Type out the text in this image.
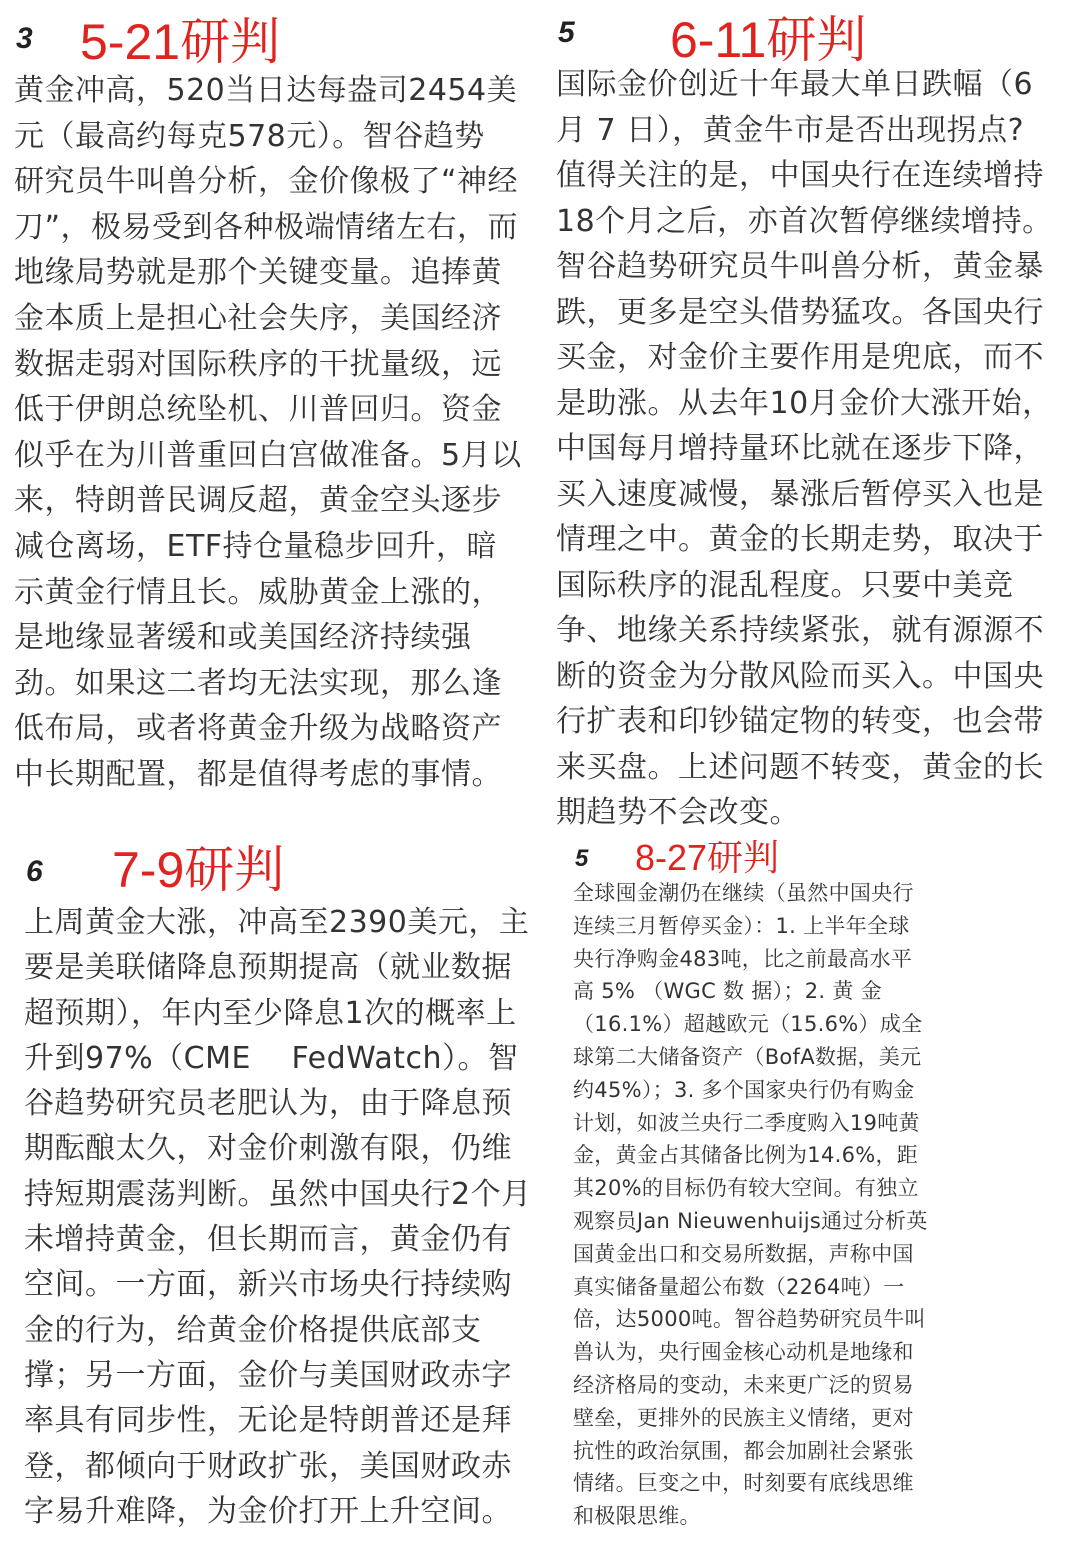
3 5-21研判
黄金冲高，520当日达每盎司2454美
元（最高约每克578元）。智谷趋势
研究员牛叫兽分析，金价像极了“神经
刀”，极易受到各种极端情绪左右，而
地缘局势就是那个关键变量。追捧黄
金本质上是担心社会失序，美国经济
数据走弱对国际秩序的干扰量级，远
低于伊朗总统坠机、川普回归。资金
似乎在为川普重回白宫做准备。5月以
来，特朗普民调反超，黄金空头逐步
减仓离场，ETF持仓量稳步回升，暗
示黄金行情且长。威胁黄金上涨的，
是地缘显著缓和或美国经济持续强
劲。如果这二者均无法实现，那么逢
低布局，或者将黄金升级为战略资产
中长期配置，都是值得考虑的事情。
5 6-11研判
国际金价创近十年最大单日跌幅（6
月 7 日），黄金牛市是否出现拐点?
值得关注的是，中国央行在连续增持
18个月之后，亦首次暂停继续增持。
智谷趋势研究员牛叫兽分析，黄金暴
跌，更多是空头借势猛攻。各国央行
买金，对金价主要作用是兜底，而不
是助涨。从去年10月金价大涨开始，
中国每月增持量环比就在逐步下降，
买入速度减慢，暴涨后暂停买入也是
情理之中。黄金的长期走势，取决于
国际秩序的混乱程度。只要中美竞
争、地缘关系持续紧张，就有源源不
断的资金为分散风险而买入。中国央
行扩表和印钞锚定物的转变，也会带
来买盘。上述问题不转变，黄金的长
期趋势不会改变。
6 7-9研判
上周黄金大涨，冲高至2390美元，主
要是美联储降息预期提高（就业数据
超预期），年内至少降息1次的概率上
升到97%（CME　 FedWatch）。智
谷趋势研究员老肥认为，由于降息预
期酝酿太久，对金价刺激有限，仍维
持短期震荡判断。虽然中国央行2个月
未增持黄金，但长期而言，黄金仍有
空间。一方面，新兴市场央行持续购
金的行为，给黄金价格提供底部支
撑；另一方面，金价与美国财政赤字
率具有同步性，无论是特朗普还是拜
登，都倾向于财政扩张，美国财政赤
字易升难降，为金价打开上升空间。
5 8-27研判
全球囤金潮仍在继续（虽然中国央行
连续三月暂停买金）：1. 上半年全球
央行净购金483吨，比之前最高水平
高 5% （WGC 数 据）；2. 黄 金
（16.1%）超越欧元（15.6%）成全
球第二大储备资产（BofA数据，美元
约45%）；3. 多个国家央行仍有购金
计划，如波兰央行二季度购入19吨黄
金，黄金占其储备比例为14.6%，距
其20%的目标仍有较大空间。有独立
观察员Jan Nieuwenhuijs通过分析英
国黄金出口和交易所数据，声称中国
真实储备量超公布数（2264吨）一
倍，达5000吨。智谷趋势研究员牛叫
兽认为，央行囤金核心动机是地缘和
经济格局的变动，未来更广泛的贸易
壁垒，更排外的民族主义情绪，更对
抗性的政治氛围，都会加剧社会紧张
情绪。巨变之中，时刻要有底线思维
和极限思维。
